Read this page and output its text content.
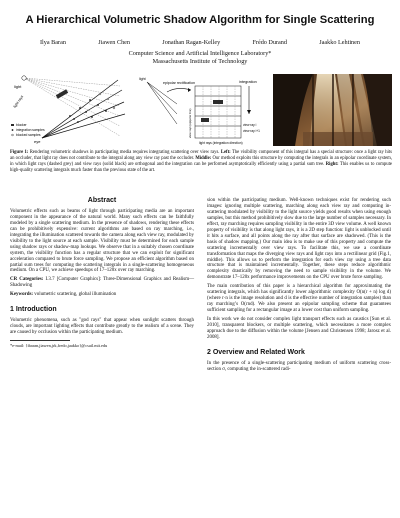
A Hierarchical Volumetric Shadow Algorithm for Single Scattering
Ilya Baran	Jiawen Chen	Jonathan Ragan-Kelley	Frédo Durand	Jaakko Lehtinen
Computer Science and Artificial Intelligence Laboratory*
Massachusetts Institute of Technology
light
light rays
eye
blocker
integration samples
blocked samples
epipolar rectification	integration
view ray i
view ray i+1
light
view rays (epipolar line)
light rays (integration direction)
Figure 1: Rendering volumetric shadows in participating media requires integrating scattering over view rays. Left: The visibility component of this integral has a special structure: once a light ray hits an occluder, that light ray does not contribute to the integral along any view ray past the occluder. Middle: Our method exploits this structure by computing the integrals in an epipolar coordinate system, in which light rays (dashed grey) and view rays (solid black) are orthogonal and the integration can be performed asymptotically efficiently using a partial sum tree. Right: This enables us to compute high-quality scattering integrals much faster than the previous state of the art.
Abstract

Volumetric effects such as beams of light through participating media are an important component in the appearance of the natural world. Many such effects can be faithfully modeled by a single scattering medium. In the presence of shadows, rendering these effects can be prohibitively expensive: current algorithms are based on ray marching, i.e., integrating the illumination scattered towards the camera along each view ray, modulated by visibility to the light source at each sample. Visibility must be determined for each sample using shadow rays or shadow-map lookups. We observe that in a suitably chosen coordinate system, the visibility function has a regular structure that we can exploit for significant acceleration compared to brute force sampling. We propose an efficient algorithm based on partial sum trees for computing the scattering integrals in a single-scattering homogeneous medium. On a CPU, we achieve speedups of 17–120x over ray marching.

CR Categories: I.3.7 [Computer Graphics]: Three-Dimensional Graphics and Realism—Shadowing

Keywords: volumetric scattering, global illumination

1 Introduction

Volumetric phenomena, such as "god rays" that appear when sunlight scatters through clouds, are important lighting effects that contribute greatly to the realism of a scene. They are caused by occlusion within the participating medium.

*e-mail: {ibaran,jiawen,jrk,fredo,jaakko}@csail.mit.edu

sion within the participating medium. Well-known techniques exist for rendering such images: ignoring multiple scattering, marching along each view ray and computing in-scattering modulated by visibility to the light source yields good results when using enough samples, but this method prohibitively slow due to the large number of samples necessary. In effect, ray marching requires sampling visibility in the entire 3D view volume. A well known property of visibility is that along light rays, it is a 2D step function: light is unblocked until it hits a surface, and all points along the ray after that surface are shadowed. (This is the basis of shadow mapping.) Our main idea is to make use of this property and compute the scattering incrementally over view rays. To facilitate this, we use a coordinate transformation that maps the diverging view rays and light rays into a rectilinear grid (Fig.1, middle). This allows us to perform the integration for each view ray using a tree data structure that is maintained incrementally. Together, these steps reduce algorithmic complexity drastically by removing the need to sample visibility in the volume. We demonstrate 17–120x performance improvements on the CPU over brute force sampling.

The main contribution of this paper is a hierarchical algorithm for approximating the scattering integrals, which has significantly lower algorithmic complexity O(n(r + n) log d) (where r·n is the image resolution and d is the effective number of integration samples) than ray marching’s O(rnd). We also present an epipolar sampling scheme that guarantees sufficient sampling for a rectangular image at a lower cost than uniform sampling.

In this work we do not consider complex light transport effects such as caustics [Sun et al. 2010], transparent blockers, or multiple scattering, which necessitates a more complex approach due to the diffusion within the volume [Jensen and Christensen 1998; Jarosz et al. 2008].

2 Overview and Related Work

In the presence of a single-scattering participating medium of uniform scattering cross-section σ, computing the in-scattered radi-
